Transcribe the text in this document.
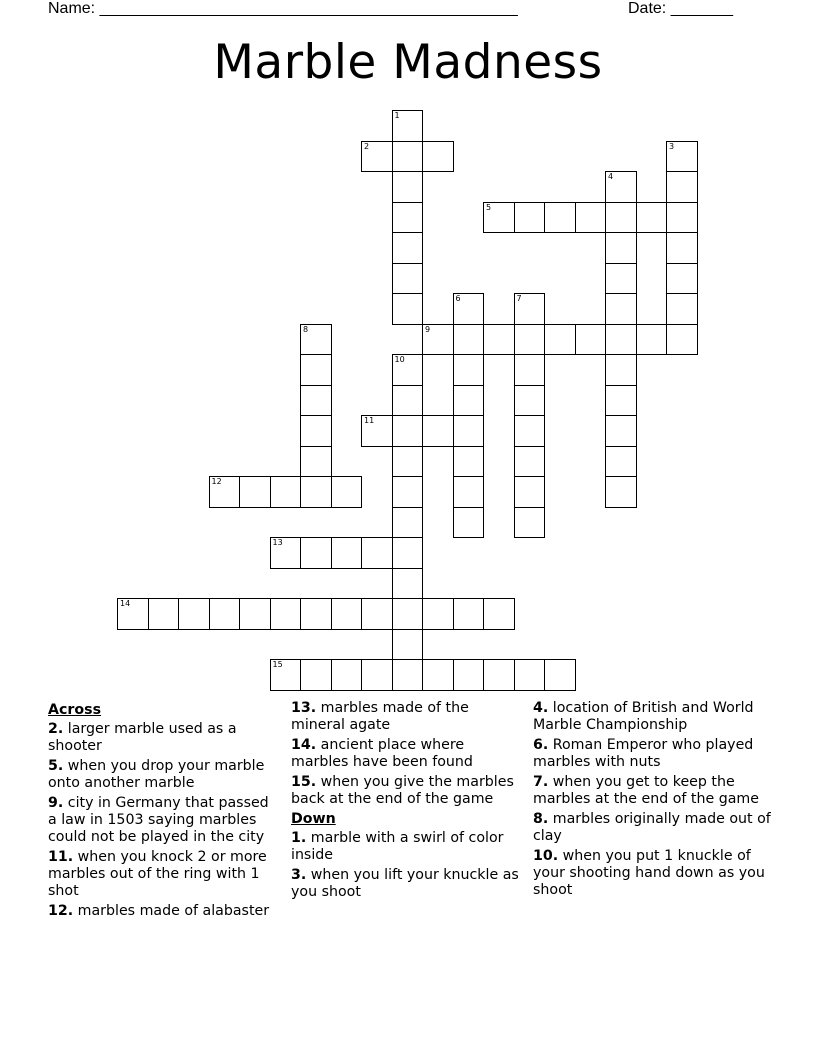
Name: _______________________________________________	Date: _______
Marble Madness
1
2	3
4
5
6	7
8	9
10
11
12
13
14
15
Across
2. larger marble used as a shooter
5. when you drop your marble onto another marble
9. city in Germany that passed a law in 1503 saying marbles could not be played in the city
11. when you knock 2 or more marbles out of the ring with 1 shot
12. marbles made of alabaster
13. marbles made of the mineral agate
14. ancient place where marbles have been found
15. when you give the marbles back at the end of the game
Down
1. marble with a swirl of color inside
3. when you lift your knuckle as you shoot
4. location of British and World Marble Championship
6. Roman Emperor who played marbles with nuts
7. when you get to keep the marbles at the end of the game
8. marbles originally made out of clay
10. when you put 1 knuckle of your shooting hand down as you shoot
